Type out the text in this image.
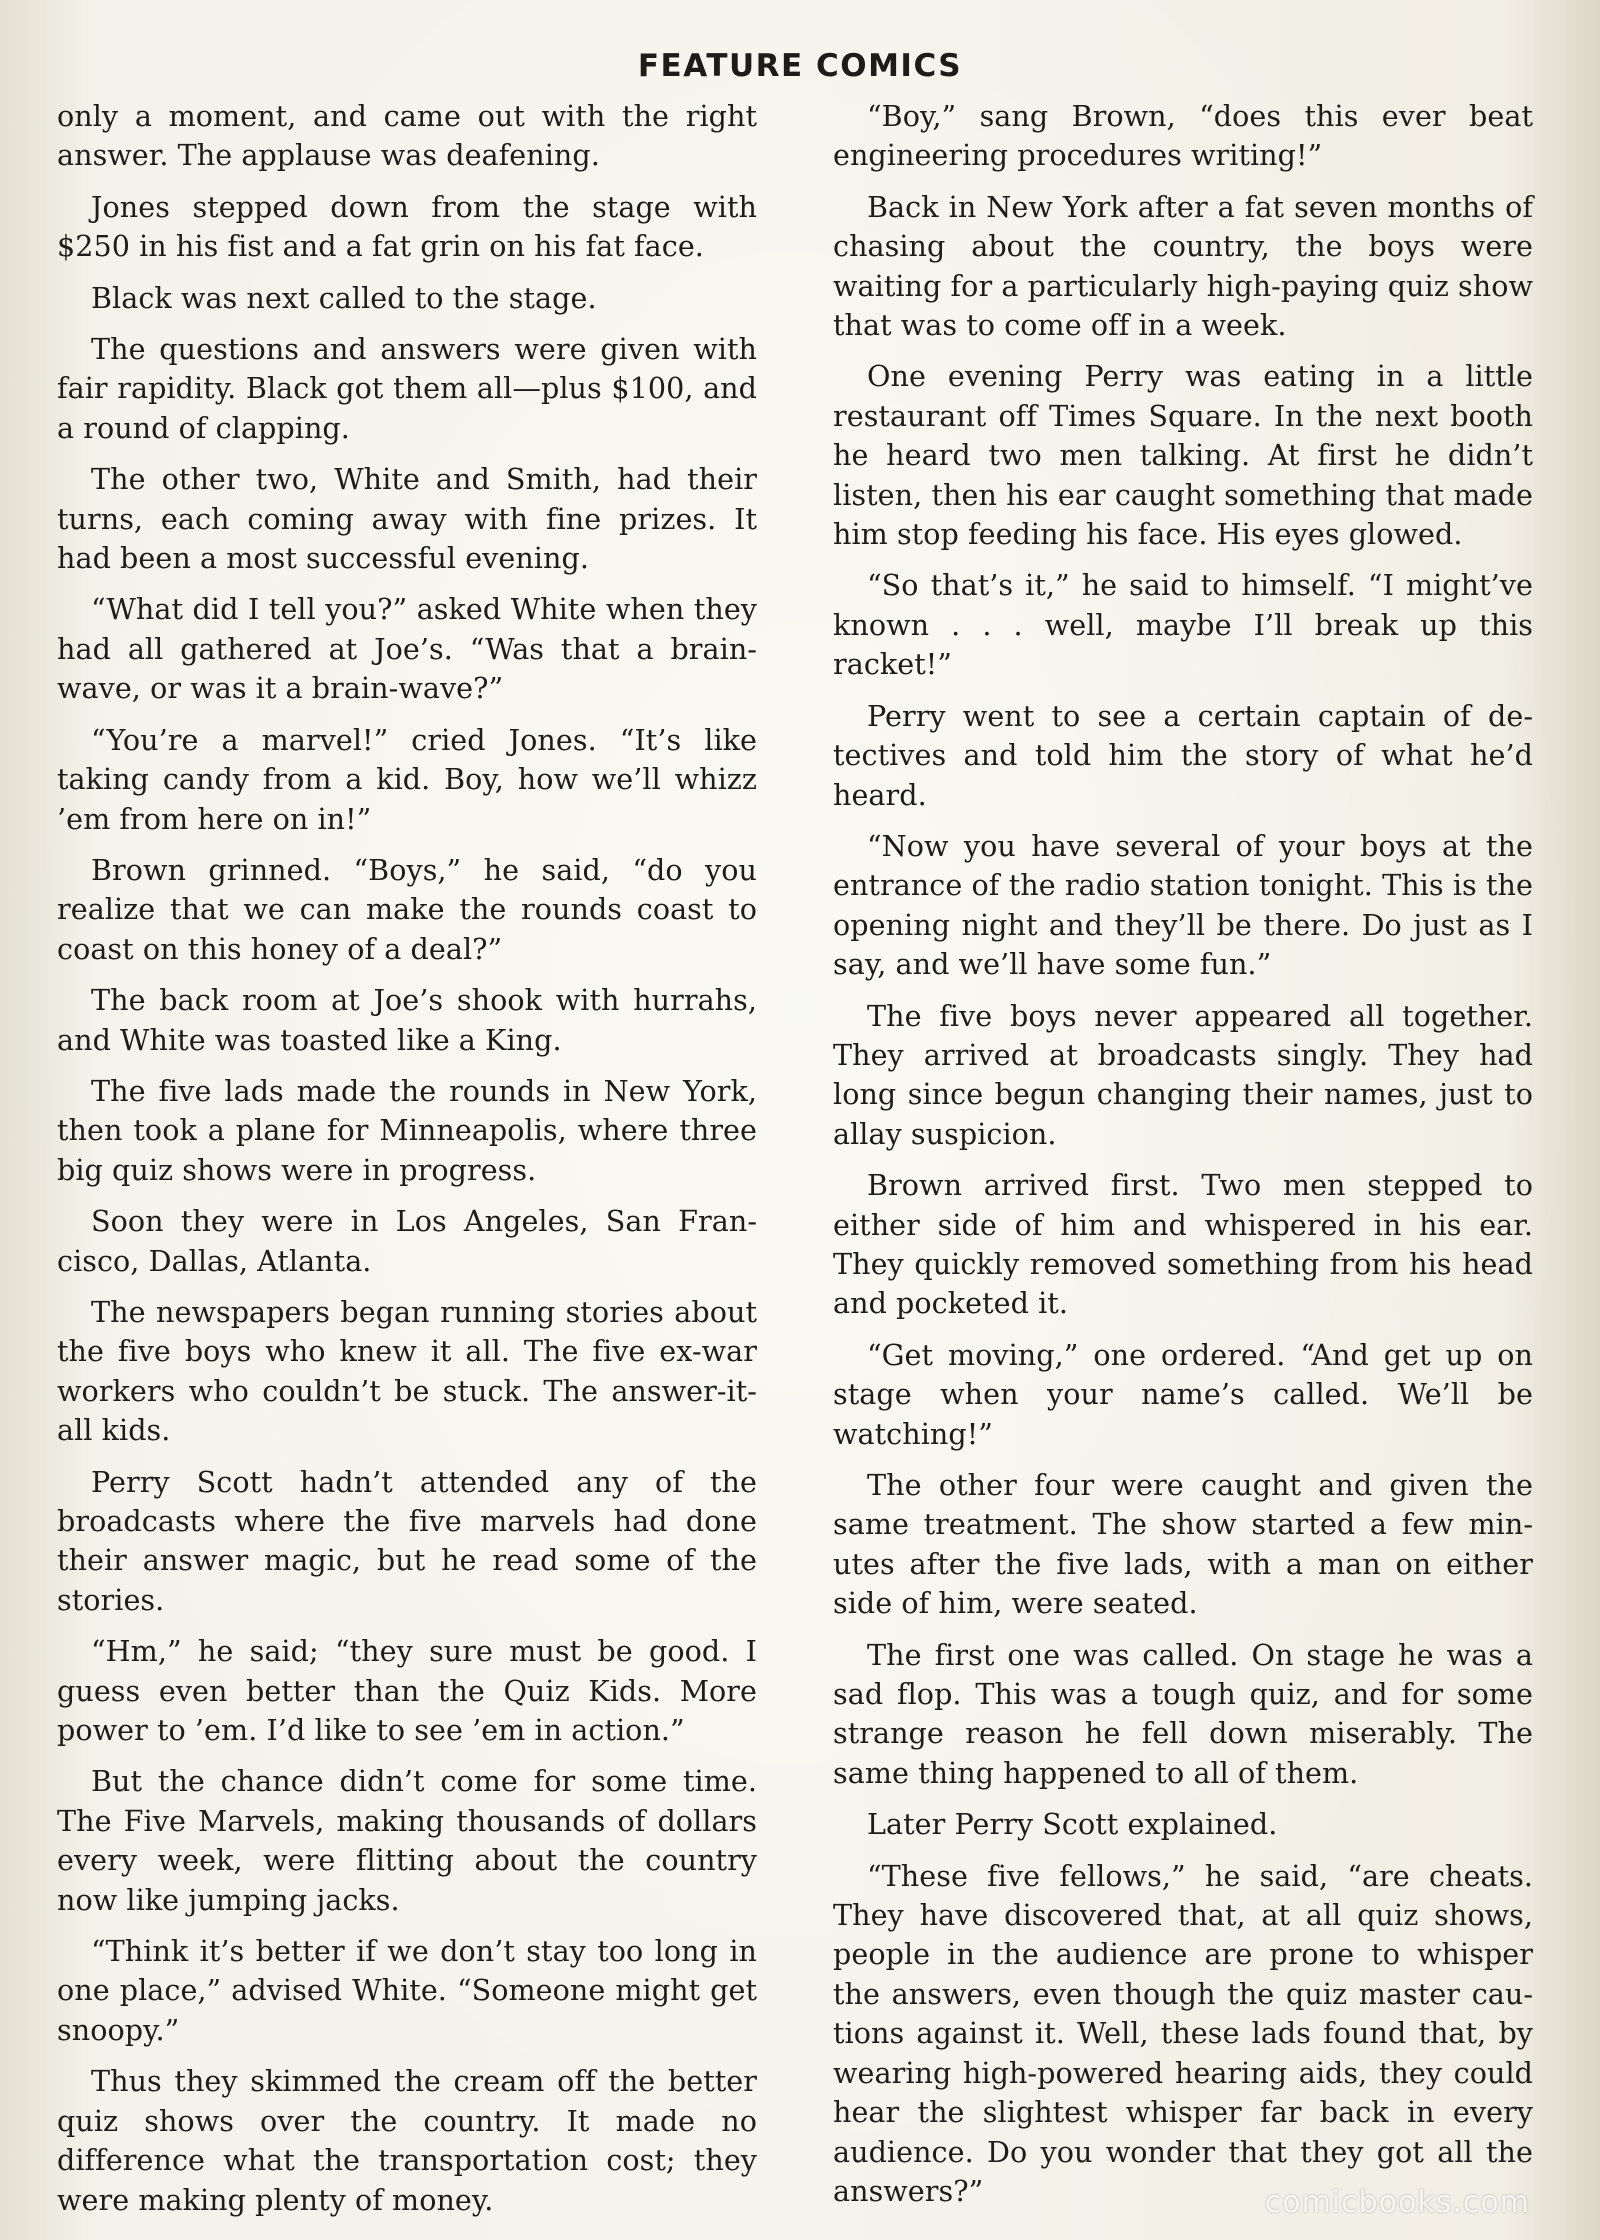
FEATURE COMICS

only a moment, and came out with the right answer. The applause was deafening.

Jones stepped down from the stage with $250 in his fist and a fat grin on his fat face.

Black was next called to the stage.

The questions and answers were given with fair rapidity. Black got them all—plus $100, and a round of clapping.

The other two, White and Smith, had their turns, each coming away with fine prizes. It had been a most successful evening.

“What did I tell you?” asked White when they had all gathered at Joe’s. “Was that a brain-wave, or was it a brain-wave?”

“You’re a marvel!” cried Jones. “It’s like taking candy from a kid. Boy, how we’ll whizz ’em from here on in!”

Brown grinned. “Boys,” he said, “do you realize that we can make the rounds coast to coast on this honey of a deal?”

The back room at Joe’s shook with hurrahs, and White was toasted like a King.

The five lads made the rounds in New York, then took a plane for Minneapolis, where three big quiz shows were in progress.

Soon they were in Los Angeles, San Francisco, Dallas, Atlanta.

The newspapers began running stories about the five boys who knew it all. The five ex-war workers who couldn’t be stuck. The answer-it-all kids.

Perry Scott hadn’t attended any of the broadcasts where the five marvels had done their answer magic, but he read some of the stories.

“Hm,” he said; “they sure must be good. I guess even better than the Quiz Kids. More power to ’em. I’d like to see ’em in action.”

But the chance didn’t come for some time. The Five Marvels, making thousands of dollars every week, were flitting about the country now like jumping jacks.

“Think it’s better if we don’t stay too long in one place,” advised White. “Someone might get snoopy.”

Thus they skimmed the cream off the better quiz shows over the country. It made no difference what the transportation cost; they were making plenty of money.

“Boy,” sang Brown, “does this ever beat engineering procedures writing!”

Back in New York after a fat seven months of chasing about the country, the boys were waiting for a particularly high-paying quiz show that was to come off in a week.

One evening Perry was eating in a little restaurant off Times Square. In the next booth he heard two men talking. At first he didn’t listen, then his ear caught something that made him stop feeding his face. His eyes glowed.

“So that’s it,” he said to himself. “I might’ve known . . . well, maybe I’ll break up this racket!”

Perry went to see a certain captain of detectives and told him the story of what he’d heard.

“Now you have several of your boys at the entrance of the radio station tonight. This is the opening night and they’ll be there. Do just as I say, and we’ll have some fun.”

The five boys never appeared all together. They arrived at broadcasts singly. They had long since begun changing their names, just to allay suspicion.

Brown arrived first. Two men stepped to either side of him and whispered in his ear. They quickly removed something from his head and pocketed it.

“Get moving,” one ordered. “And get up on stage when your name’s called. We’ll be watching!”

The other four were caught and given the same treatment. The show started a few minutes after the five lads, with a man on either side of him, were seated.

The first one was called. On stage he was a sad flop. This was a tough quiz, and for some strange reason he fell down miserably. The same thing happened to all of them.

Later Perry Scott explained.

“These five fellows,” he said, “are cheats. They have discovered that, at all quiz shows, people in the audience are prone to whisper the answers, even though the quiz master cautions against it. Well, these lads found that, by wearing high-powered hearing aids, they could hear the slightest whisper far back in every audience. Do you wonder that they got all the answers?”	comicbooks.com
